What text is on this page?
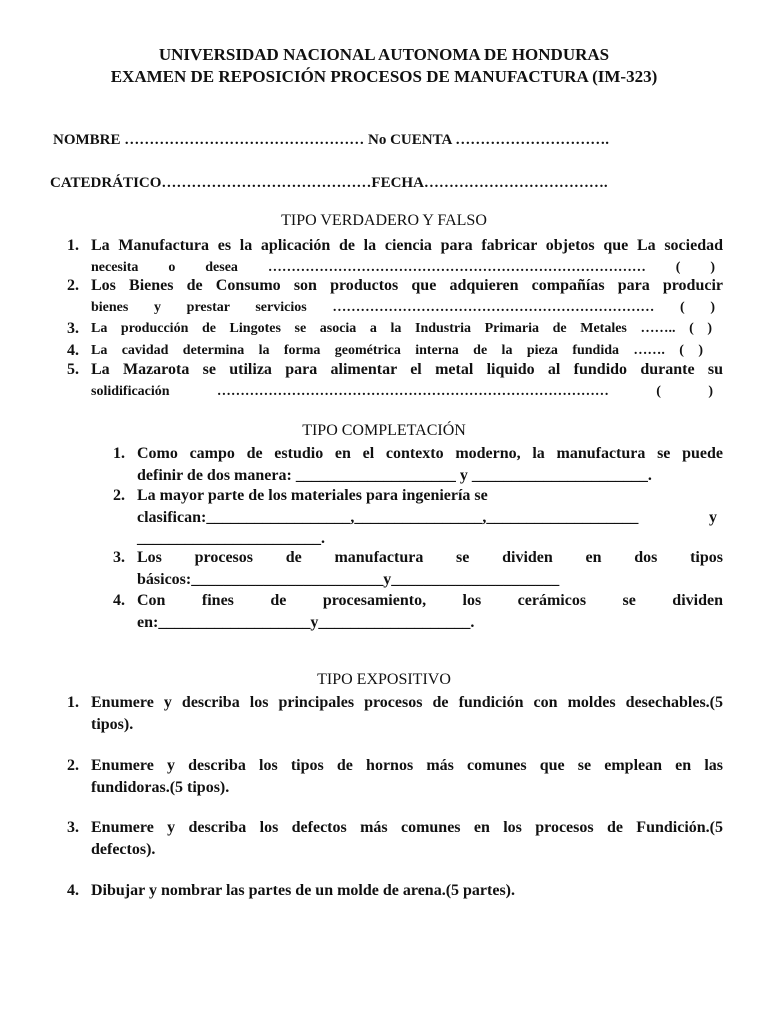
UNIVERSIDAD NACIONAL AUTONOMA DE HONDURAS
EXAMEN DE REPOSICIÓN PROCESOS DE MANUFACTURA (IM-323)
NOMBRE ………………………………………… No CUENTA ………………………….
CATEDRÁTICO……………………………………FECHA……………………………….
TIPO VERDADERO Y FALSO
1. La Manufactura es la aplicación de la ciencia para fabricar objetos que La sociedad
necesita o desea ……………………………………………………………………… ( )
2. Los Bienes de Consumo son productos que adquieren compañías para producir
bienes y prestar servicios …………………………………………………………… ( )
3. La producción de Lingotes se asocia a la Industria Primaria de Metales …….. ( )
4. La cavidad determina la forma geométrica interna de la pieza fundida ……. ( )
5. La Mazarota se utiliza para alimentar el metal liquido al fundido durante su
solidificación ………………………………………………………………………… ( )
TIPO COMPLETACIÓN
1. Como campo de estudio en el contexto moderno, la manufactura se puede
definir de dos manera: ____________________ y ______________________.
2. La mayor parte de los materiales para ingeniería se
clasifican:__________________,________________,___________________ y
_______________________.
3. Los procesos de manufactura se dividen en dos tipos
básicos:________________________y_____________________
4. Con fines de procesamiento, los cerámicos se dividen
en:___________________y___________________.
TIPO EXPOSITIVO
1. Enumere y describa los principales procesos de fundición con moldes desechables.(5
tipos).
2. Enumere y describa los tipos de hornos más comunes que se emplean en las
fundidoras.(5 tipos).
3. Enumere y describa los defectos más comunes en los procesos de Fundición.(5
defectos).
4. Dibujar y nombrar las partes de un molde de arena.(5 partes).
